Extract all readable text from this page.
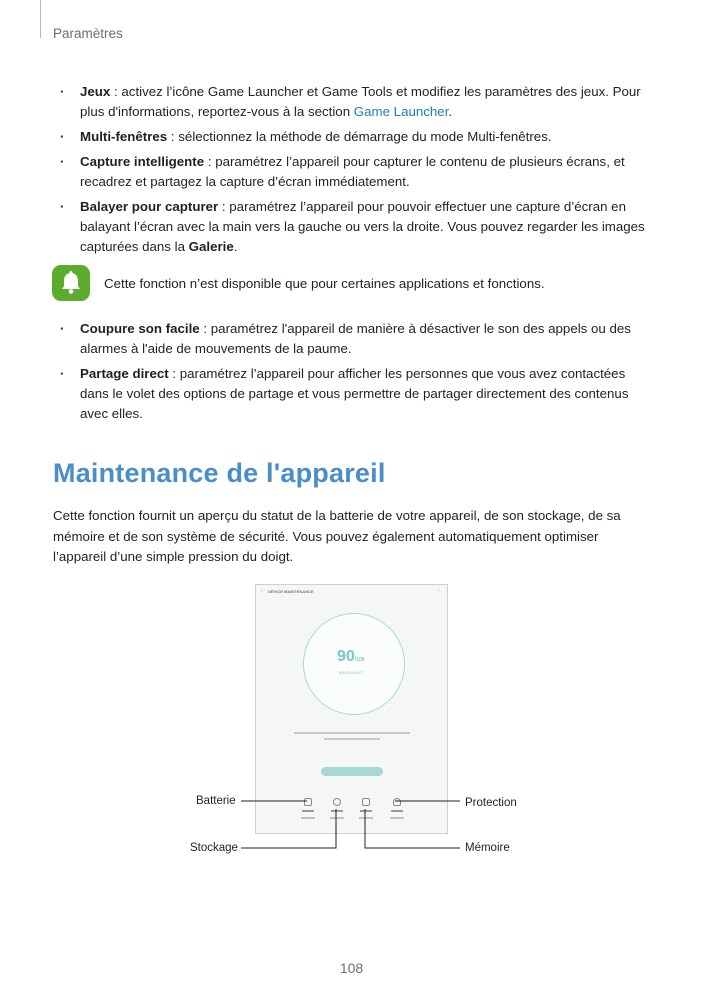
Paramètres
· Jeux : activez l’icône Game Launcher et Game Tools et modifiez les paramètres des jeux. Pour plus d'informations, reportez-vous à la section Game Launcher.
· Multi-fenêtres : sélectionnez la méthode de démarrage du mode Multi-fenêtres.
· Capture intelligente : paramétrez l’appareil pour capturer le contenu de plusieurs écrans, et recadrez et partagez la capture d’écran immédiatement.
· Balayer pour capturer : paramétrez l’appareil pour pouvoir effectuer une capture d’écran en balayant l’écran avec la main vers la gauche ou vers la droite. Vous pouvez regarder les images capturées dans la Galerie.
Cette fonction n’est disponible que pour certaines applications et fonctions.
· Coupure son facile : paramétrez l'appareil de manière à désactiver le son des appels ou des alarmes à l'aide de mouvements de la paume.
· Partage direct : paramétrez l’appareil pour afficher les personnes que vous avez contactées dans le volet des options de partage et vous permettre de partager directement des contenus avec elles.
Maintenance de l'appareil

Cette fonction fournit un aperçu du statut de la batterie de votre appareil, de son stockage, de sa mémoire et de son système de sécurité. Vous pouvez également automatiquement optimiser l’appareil d’une simple pression du doigt.

‹ DEVICE MAINTENANCE	⋮
90/100
EXCELLENT
Batterie
Stockage
Protection
Mémoire
108
